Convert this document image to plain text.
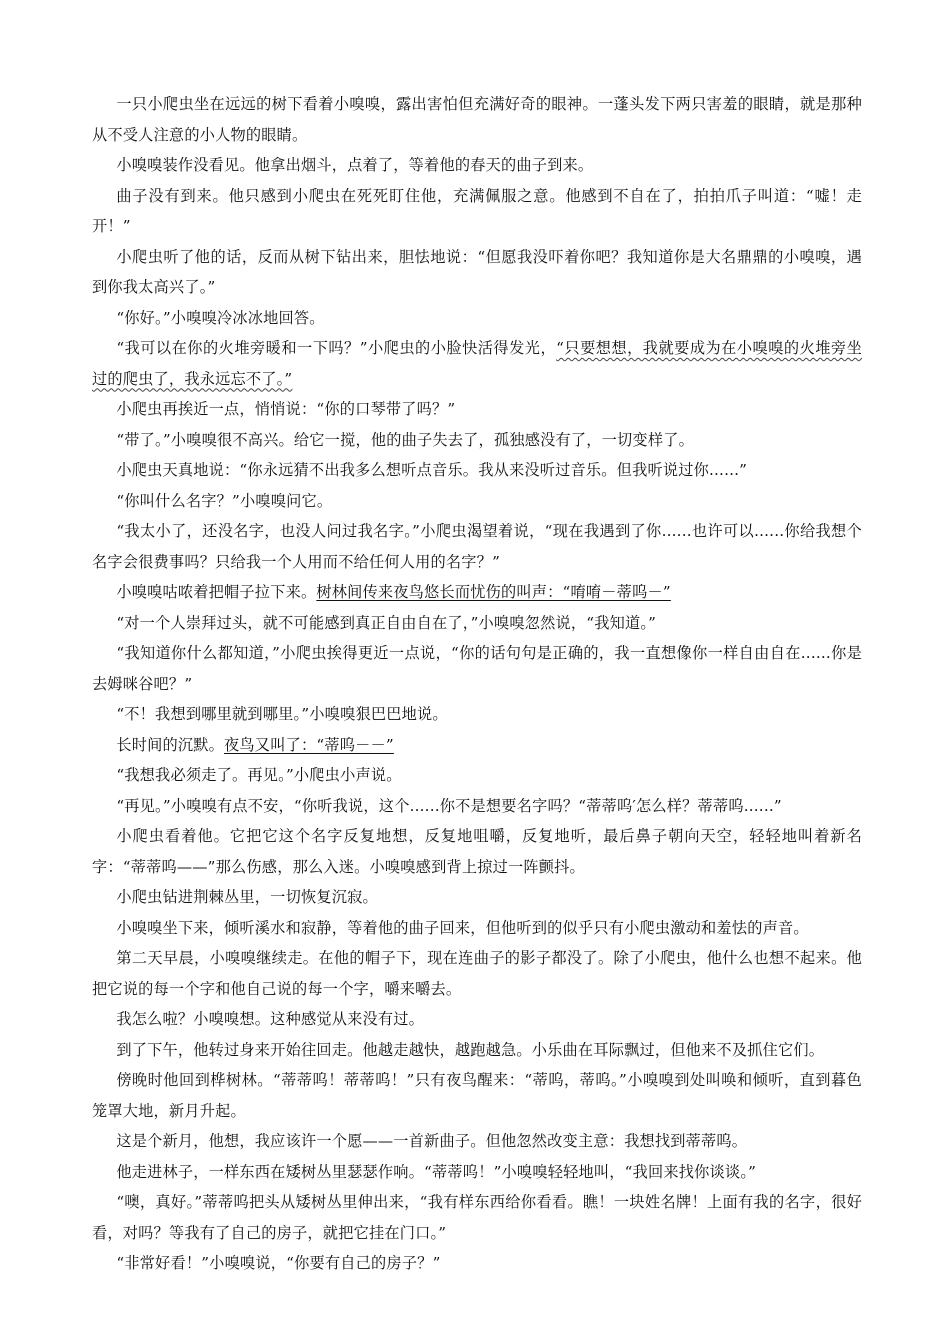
一只小爬虫坐在远远的树下看着小嗅嗅，露出害怕但充满好奇的眼神。一蓬头发下两只害羞的眼睛，就是那种从不受人注意的小人物的眼睛。

小嗅嗅装作没看见。他拿出烟斗，点着了，等着他的春天的曲子到来。

曲子没有到来。他只感到小爬虫在死死盯住他，充满佩服之意。他感到不自在了，拍拍爪子叫道：“嘘！走开！”

小爬虫听了他的话，反而从树下钻出来，胆怯地说：“但愿我没吓着你吧？我知道你是大名鼎鼎的小嗅嗅，遇到你我太高兴了。”

“你好。”小嗅嗅冷冰冰地回答。

“我可以在你的火堆旁暖和一下吗？”小爬虫的小脸快活得发光，“只要想想，我就要成为在小嗅嗅的火堆旁坐过的爬虫了，我永远忘不了。”

小爬虫再挨近一点，悄悄说：“你的口琴带了吗？”

“带了。”小嗅嗅很不高兴。给它一搅，他的曲子失去了，孤独感没有了，一切变样了。

小爬虫天真地说：“你永远猜不出我多么想听点音乐。我从来没听过音乐。但我听说过你......”

“你叫什么名字？”小嗅嗅问它。

“我太小了，还没名字，也没人问过我名字。”小爬虫渴望着说，“现在我遇到了你......也许可以......你给我想个名字会很费事吗？只给我一个人用而不给任何人用的名字？”

小嗅嗅咕哝着把帽子拉下来。树林间传来夜鸟悠长而忧伤的叫声：“唷唷－蒂呜－”

“对一个人崇拜过头，就不可能感到真正自由自在了，”小嗅嗅忽然说，“我知道。”

“我知道你什么都知道，”小爬虫挨得更近一点说，“你的话句句是正确的，我一直想像你一样自由自在......你是去姆咪谷吧？”

“不！我想到哪里就到哪里。”小嗅嗅狠巴巴地说。

长时间的沉默。夜鸟又叫了：“蒂呜－－”

“我想我必须走了。再见。”小爬虫小声说。

“再见。”小嗅嗅有点不安，“你听我说，这个......你不是想要名字吗？“蒂蒂呜′怎么样？蒂蒂呜......”

小爬虫看着他。它把它这个名字反复地想，反复地咀嚼，反复地听，最后鼻子朝向天空，轻轻地叫着新名字：“蒂蒂呜——”那么伤感，那么入迷。小嗅嗅感到背上掠过一阵颤抖。

小爬虫钻进荆棘丛里，一切恢复沉寂。

小嗅嗅坐下来，倾听溪水和寂静，等着他的曲子回来，但他听到的似乎只有小爬虫激动和羞怯的声音。

第二天早晨，小嗅嗅继续走。在他的帽子下，现在连曲子的影子都没了。除了小爬虫，他什么也想不起来。他把它说的每一个字和他自己说的每一个字，嚼来嚼去。

我怎么啦？小嗅嗅想。这种感觉从来没有过。

到了下午，他转过身来开始往回走。他越走越快，越跑越急。小乐曲在耳际飘过，但他来不及抓住它们。

傍晚时他回到桦树林。“蒂蒂呜！蒂蒂呜！”只有夜鸟醒来：“蒂呜，蒂呜。”小嗅嗅到处叫唤和倾听，直到暮色笼罩大地，新月升起。

这是个新月，他想，我应该许一个愿——一首新曲子。但他忽然改变主意：我想找到蒂蒂呜。

他走进林子，一样东西在矮树丛里瑟瑟作响。“蒂蒂呜！”小嗅嗅轻轻地叫，“我回来找你谈谈。”

“噢，真好。”蒂蒂呜把头从矮树丛里伸出来，“我有样东西给你看看。瞧！一块姓名牌！上面有我的名字，很好看，对吗？等我有了自己的房子，就把它挂在门口。”

“非常好看！”小嗅嗅说，“你要有自己的房子？”
